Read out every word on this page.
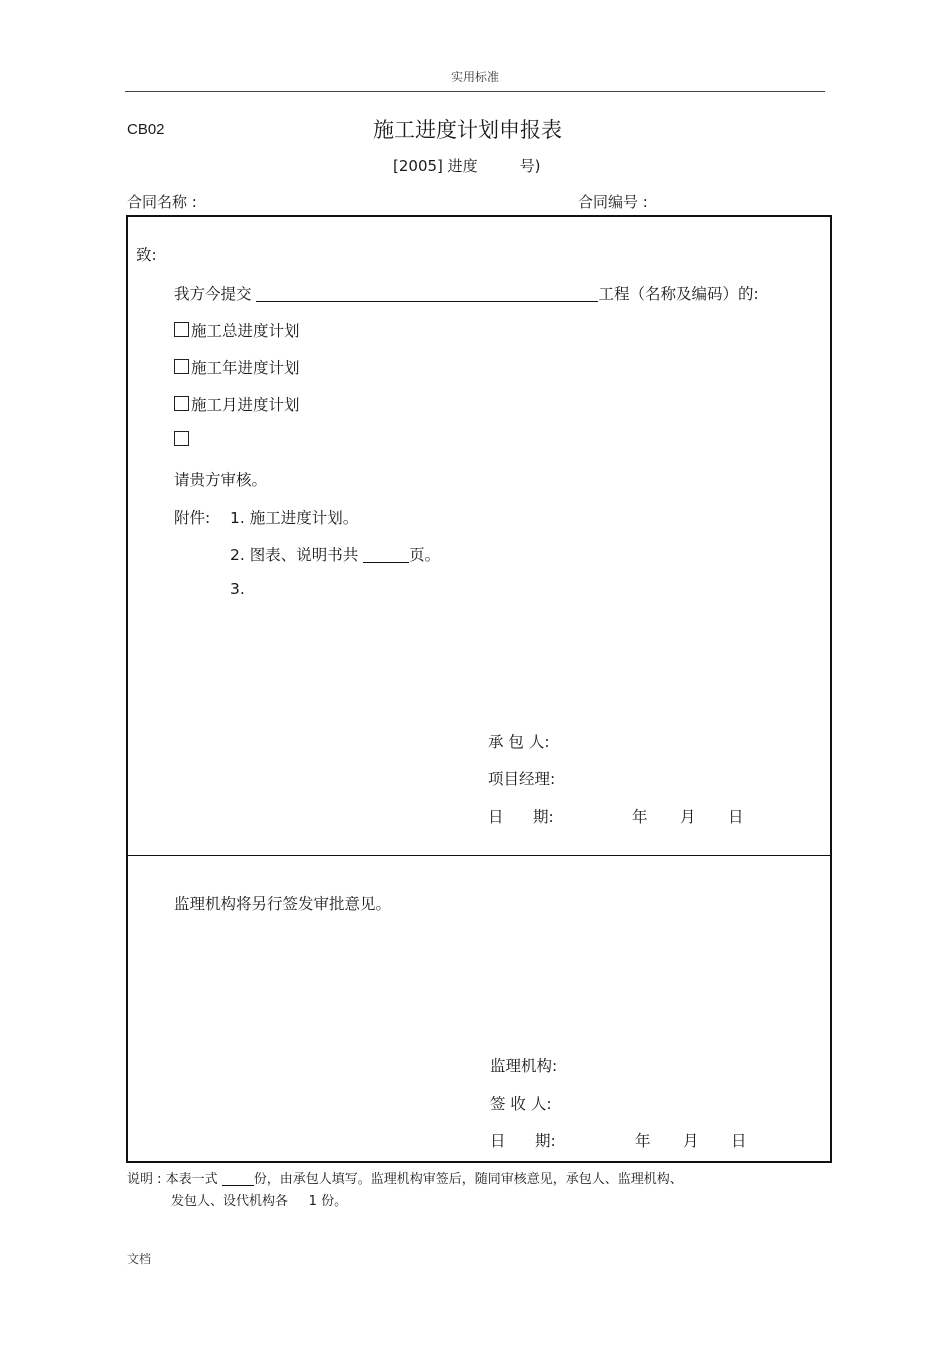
实用标准
CB02	施工进度计划申报表
[2005] 进度	号)
合同名称 :	合同编号 :
致:
我方今提交	工程（名称及编码）的:
施工总进度计划
施工年进度计划
施工月进度计划
请贵方审核。
附件: 1. 施工进度计划。
2. 图表、说明书共	页。
3.
承 包 人:
项目经理:
日      期:	年 月 日
监理机构将另行签发审批意见。
监理机构:
签 收 人:
日      期:	年 月 日
说明 : 本表一式	份，由承包人填写。监理机构审签后，随同审核意见，承包人、监理机构、
发包人、设代机构各     1 份。
文档
